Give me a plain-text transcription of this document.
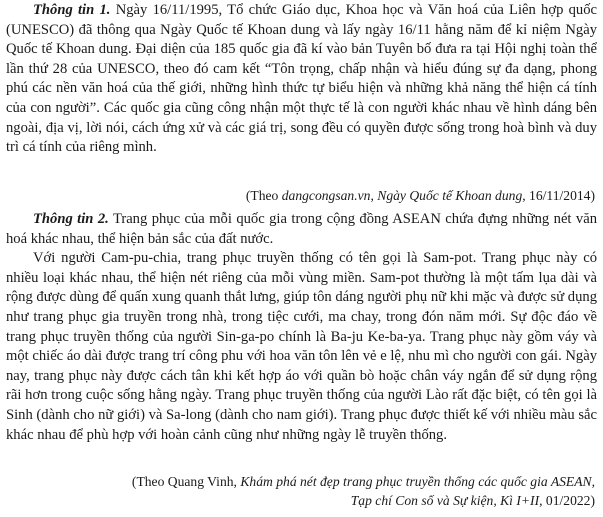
Thông tin 1. Ngày 16/11/1995, Tổ chức Giáo dục, Khoa học và Văn hoá của Liên hợp quốc (UNESCO) đã thông qua Ngày Quốc tế Khoan dung và lấy ngày 16/11 hằng năm để kỉ niệm Ngày Quốc tế Khoan dung. Đại diện của 185 quốc gia đã kí vào bản Tuyên bố đưa ra tại Hội nghị toàn thể lần thứ 28 của UNESCO, theo đó cam kết “Tôn trọng, chấp nhận và hiểu đúng sự đa dạng, phong phú các nền văn hoá của thế giới, những hình thức tự biểu hiện và những khả năng thể hiện cá tính của con người”. Các quốc gia cũng công nhận một thực tế là con người khác nhau về hình dáng bên ngoài, địa vị, lời nói, cách ứng xử và các giá trị, song đều có quyền được sống trong hoà bình và duy trì cá tính của riêng mình.

(Theo dangcongsan.vn, Ngày Quốc tế Khoan dung, 16/11/2014)

Thông tin 2. Trang phục của mỗi quốc gia trong cộng đồng ASEAN chứa đựng những nét văn hoá khác nhau, thể hiện bản sắc của đất nước.

Với người Cam-pu-chia, trang phục truyền thống có tên gọi là Sam-pot. Trang phục này có nhiều loại khác nhau, thể hiện nét riêng của mỗi vùng miền. Sam-pot thường là một tấm lụa dài và rộng được dùng để quấn xung quanh thắt lưng, giúp tôn dáng người phụ nữ khi mặc và được sử dụng như trang phục gia truyền trong nhà, trong tiệc cưới, ma chay, trong đón năm mới. Sự độc đáo về trang phục truyền thống của người Sin-ga-po chính là Ba-ju Ke-ba-ya. Trang phục này gồm váy và một chiếc áo dài được trang trí công phu với hoa văn tôn lên vẻ e lệ, nhu mì cho người con gái. Ngày nay, trang phục này được cách tân khi kết hợp áo với quần bò hoặc chân váy ngắn để sử dụng rộng rãi hơn trong cuộc sống hằng ngày. Trang phục truyền thống của người Lào rất đặc biệt, có tên gọi là Sinh (dành cho nữ giới) và Sa-long (dành cho nam giới). Trang phục được thiết kế với nhiều màu sắc khác nhau để phù hợp với hoàn cảnh cũng như những ngày lễ truyền thống.

(Theo Quang Vinh, Khám phá nét đẹp trang phục truyền thống các quốc gia ASEAN,

Tạp chí Con số và Sự kiện, Kì I+II, 01/2022)
